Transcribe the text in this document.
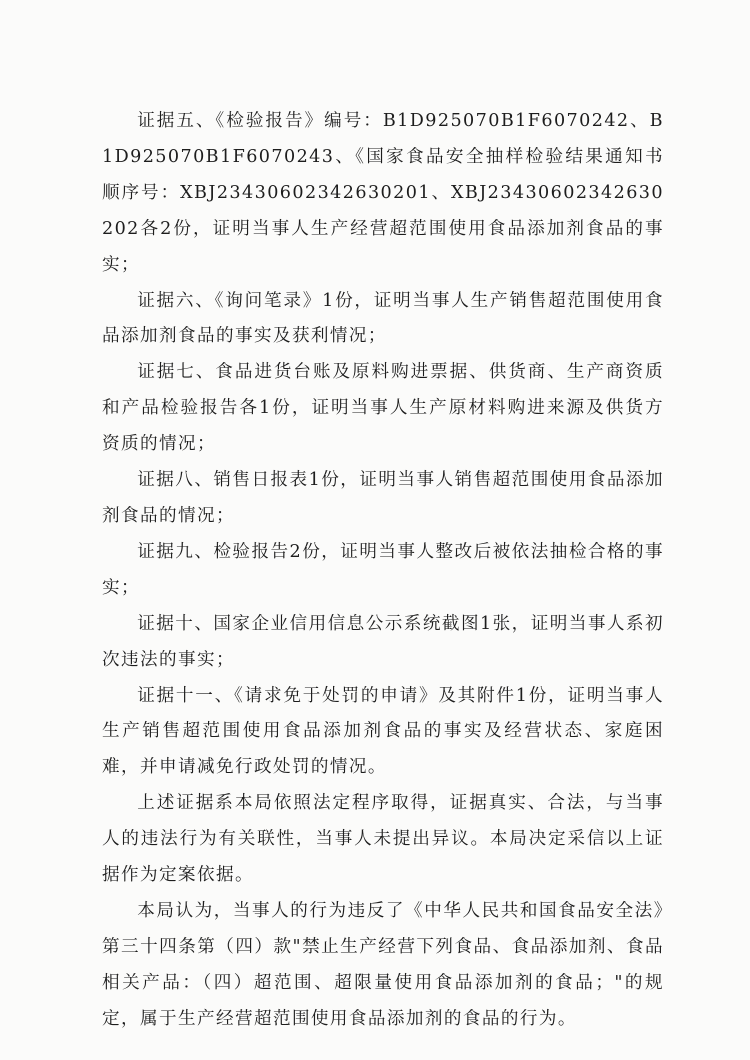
证据五、《检验报告》编号：B1D925070B1F6070242、B1D925070B1F6070243、《国家食品安全抽样检验结果通知书顺序号：XBJ23430602342630201、XBJ23430602342630202各2份，证明当事人生产经营超范围使用食品添加剂食品的事实；

证据六、《询问笔录》1份，证明当事人生产销售超范围使用食品添加剂食品的事实及获利情况；

证据七、食品进货台账及原料购进票据、供货商、生产商资质和产品检验报告各1份，证明当事人生产原材料购进来源及供货方资质的情况；

证据八、销售日报表1份，证明当事人销售超范围使用食品添加剂食品的情况；

证据九、检验报告2份，证明当事人整改后被依法抽检合格的事实；

证据十、国家企业信用信息公示系统截图1张，证明当事人系初次违法的事实；

证据十一、《请求免于处罚的申请》及其附件1份，证明当事人生产销售超范围使用食品添加剂食品的事实及经营状态、家庭困难，并申请减免行政处罚的情况。

上述证据系本局依照法定程序取得，证据真实、合法，与当事人的违法行为有关联性，当事人未提出异议。本局决定采信以上证据作为定案依据。

本局认为，当事人的行为违反了《中华人民共和国食品安全法》第三十四条第（四）款"禁止生产经营下列食品、食品添加剂、食品相关产品：（四）超范围、超限量使用食品添加剂的食品；"的规定，属于生产经营超范围使用食品添加剂的食品的行为。
